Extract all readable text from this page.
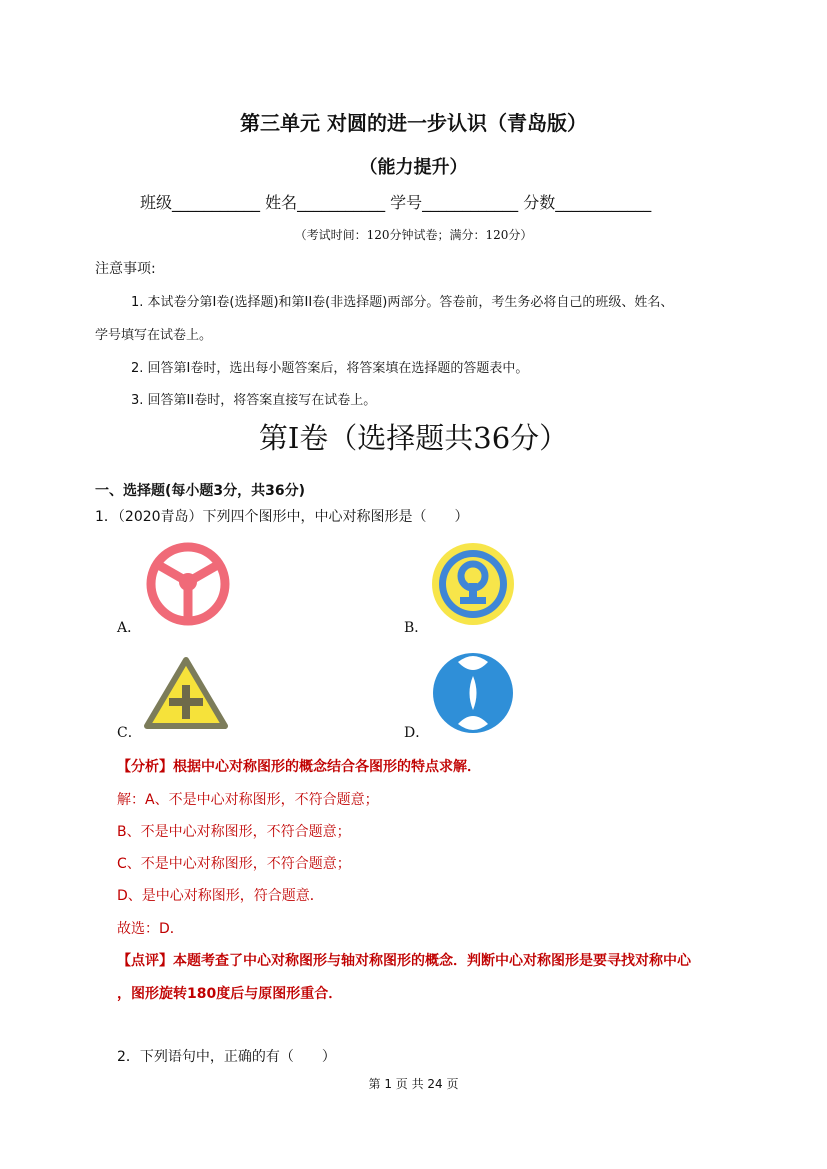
第三单元 对圆的进一步认识（青岛版）
（能力提升）
班级___________ 姓名___________ 学号____________ 分数____________
（考试时间：120分钟试卷；满分：120分）
注意事项:
1. 本试卷分第I卷(选择题)和第II卷(非选择题)两部分。答卷前，考生务必将自己的班级、姓名、
学号填写在试卷上。
2. 回答第I卷时，选出每小题答案后，将答案填在选择题的答题表中。
3. 回答第II卷时，将答案直接写在试卷上。
第I卷（选择题共36分）
一、选择题(每小题3分，共36分)
1．（2020青岛）下列四个图形中，中心对称图形是（　　）
A．	B．
C．	D．
【分析】根据中心对称图形的概念结合各图形的特点求解．
解：A、不是中心对称图形，不符合题意；
B、不是中心对称图形，不符合题意；
C、不是中心对称图形，不符合题意；
D、是中心对称图形，符合题意．
故选：D．
【点评】本题考查了中心对称图形与轴对称图形的概念．判断中心对称图形是要寻找对称中心
，图形旋转180度后与原图形重合．
2．下列语句中，正确的有（　　）
第 1 页 共 24 页
